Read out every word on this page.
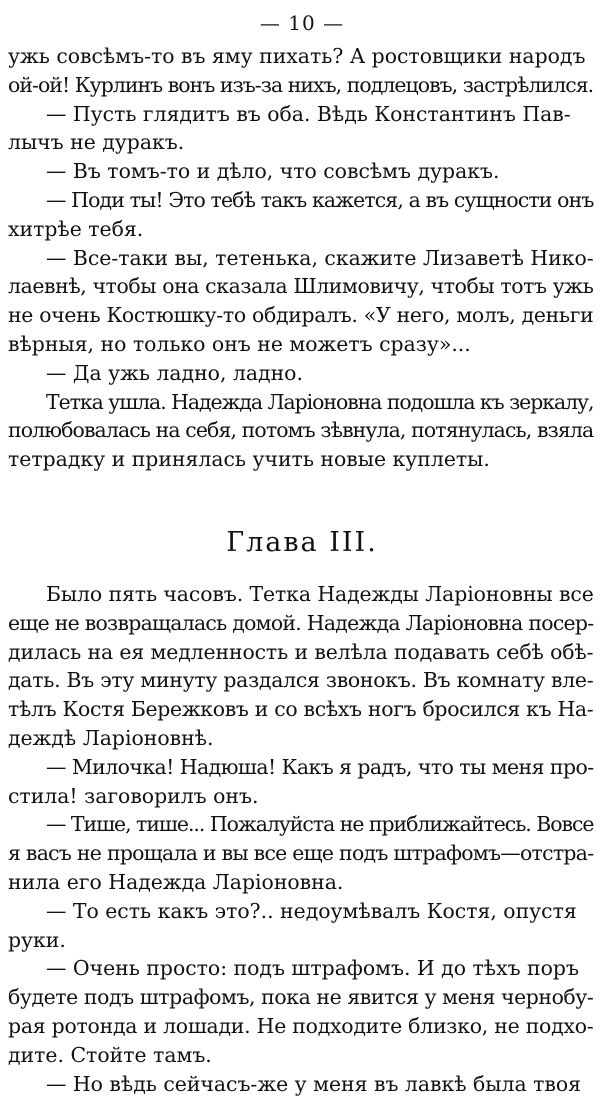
— 10 —

ужь совсѣмъ-то въ яму пихать? А ростовщики народъ

ой-ой! Курлинъ вонъ изъ-за нихъ, подлецовъ, застрѣлился.

— Пусть глядитъ въ оба. Вѣдь Константинъ Пав-

лычъ не дуракъ.

— Въ томъ-то и дѣло, что совсѣмъ дуракъ.

— Поди ты! Это тебѣ такъ кажется, а въ сущности онъ

хитрѣе тебя.

— Все-таки вы, тетенька, скажите Лизаветѣ Нико-

лаевнѣ, чтобы она сказала Шлимовичу, чтобы тотъ ужь

не очень Костюшку-то обдиралъ. «У него, молъ, деньги

вѣрныя, но только онъ не можетъ сразу»...

— Да ужь ладно, ладно.

Тетка ушла. Надежда Ларіоновна подошла къ зеркалу,

полюбовалась на себя, потомъ зѣвнула, потянулась, взяла

тетрадку и принялась учить новые куплеты.

Глава III.

Было пять часовъ. Тетка Надежды Ларіоновны все

еще не возвращалась домой. Надежда Ларіоновна посер-

дилась на ея медленность и велѣла подавать себѣ обѣ-

дать. Въ эту минуту раздался звонокъ. Въ комнату вле-

тѣлъ Костя Бережковъ и со всѣхъ ногъ бросился къ На-

деждѣ Ларіоновнѣ.

— Милочка! Надюша! Какъ я радъ, что ты меня про-

стила! заговорилъ онъ.

— Тише, тише... Пожалуйста не приближайтесь. Вовсе

я васъ не прощала и вы все еще подъ штрафомъ—отстра-

нила его Надежда Ларіоновна.

— То есть какъ это?.. недоумѣвалъ Костя, опустя

руки.

— Очень просто: подъ штрафомъ. И до тѣхъ поръ

будете подъ штрафомъ, пока не явится у меня чернобу-

рая ротонда и лошади. Не подходите близко, не подхо-

дите. Стойте тамъ.

— Но вѣдь сейчасъ-же у меня въ лавкѣ была твоя
